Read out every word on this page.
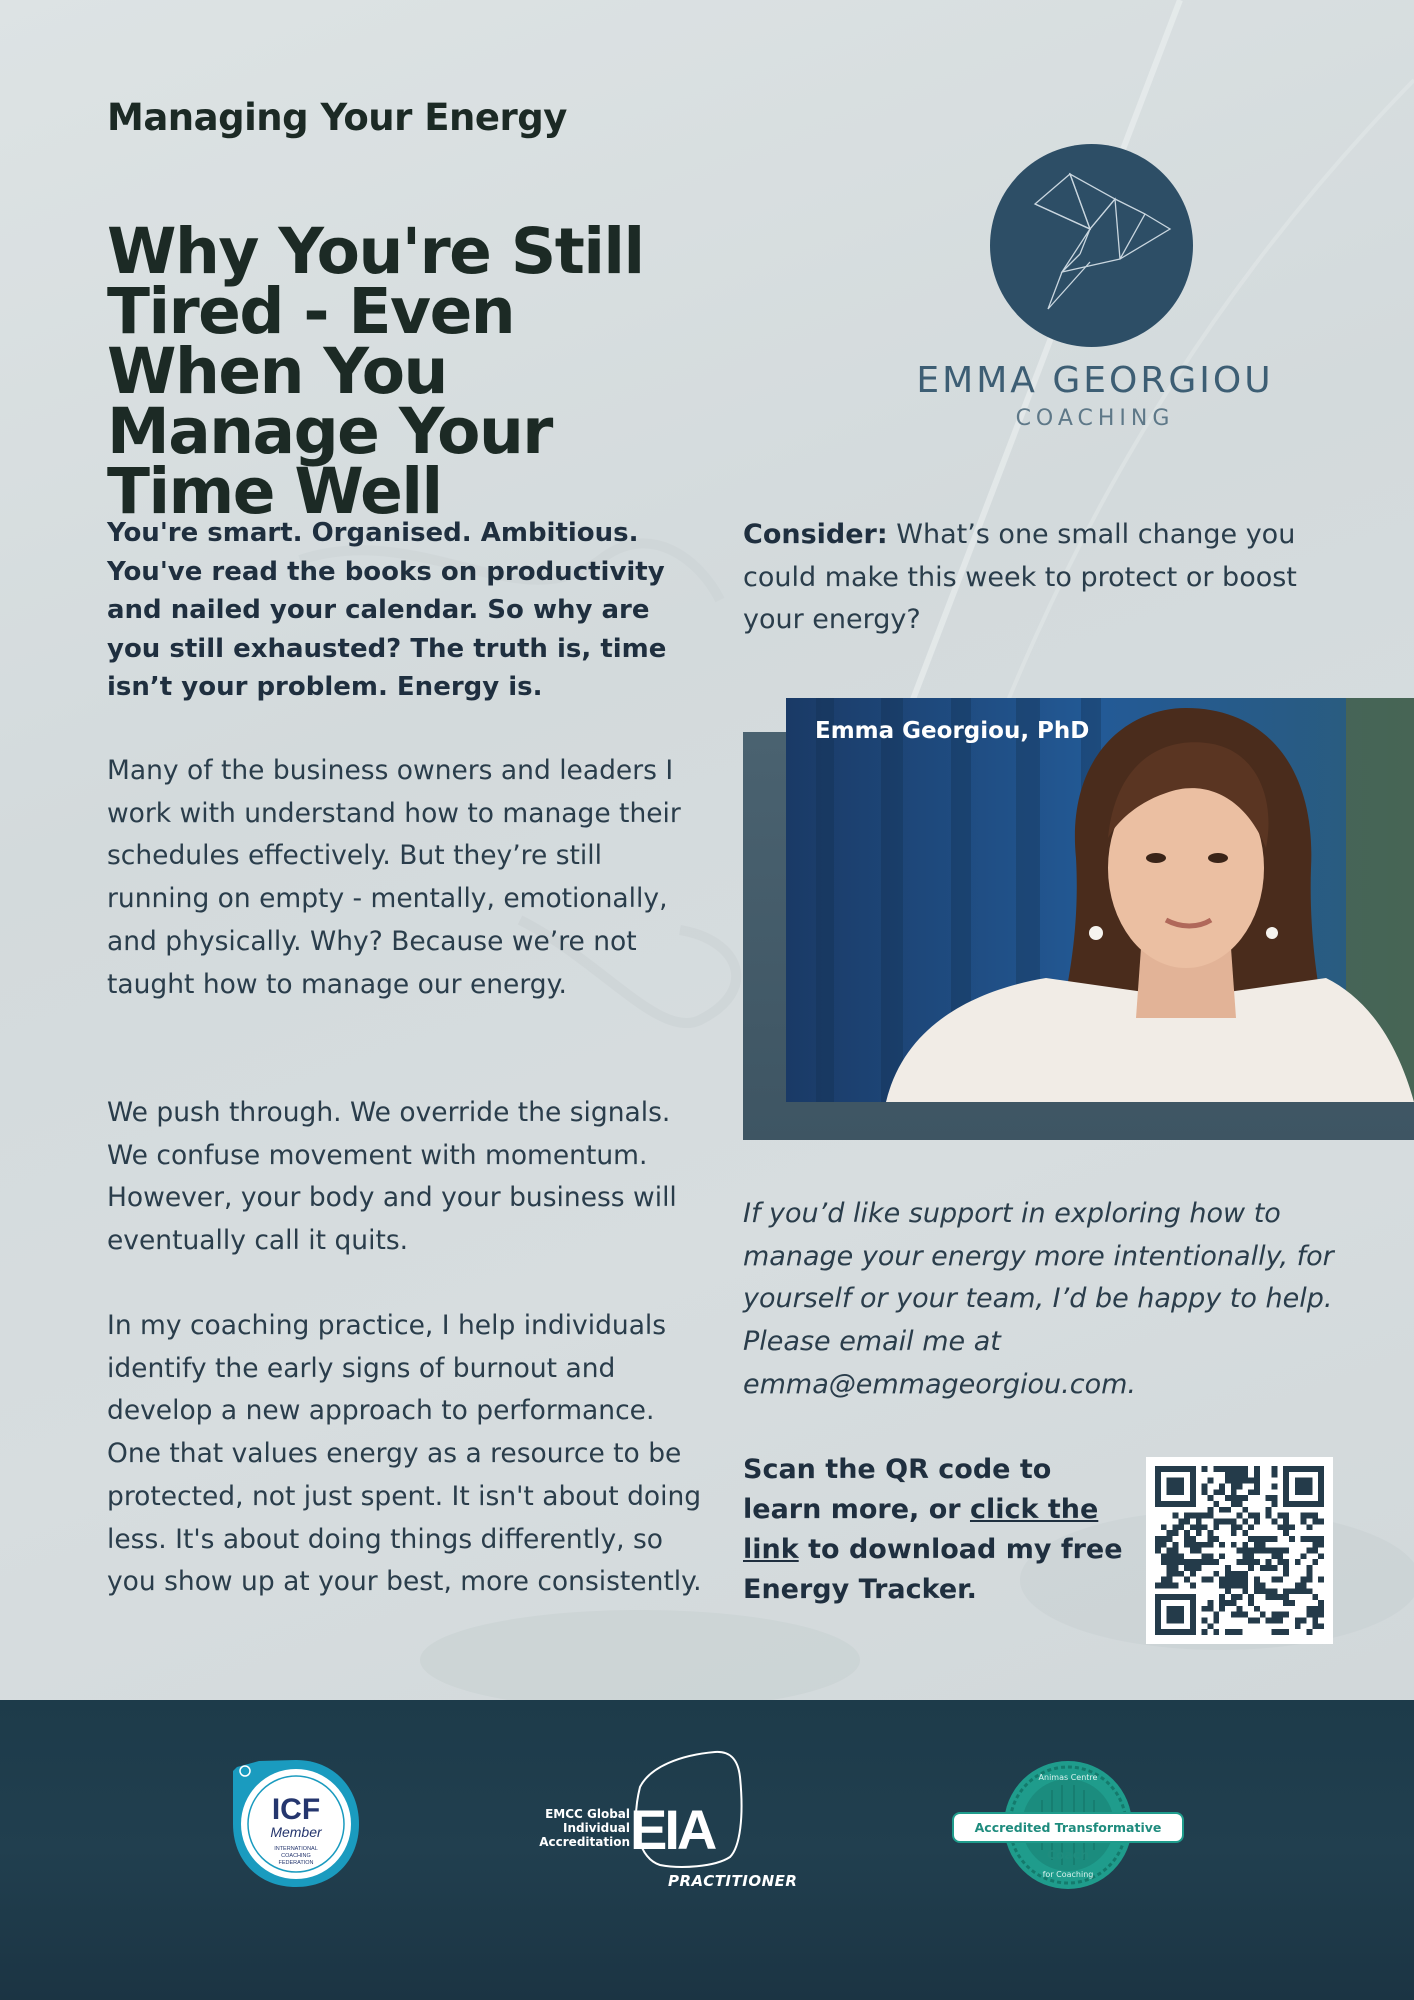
Managing Your Energy
Why You're Still Tired - Even When You Manage Your Time Well
EMMA GEORGIOU
COACHING
You're smart. Organised. Ambitious. You've read the books on productivity and nailed your calendar. So why are you still exhausted? The truth is, time isn’t your problem. Energy is.
Many of the business owners and leaders I work with understand how to manage their schedules effectively. But they’re still running on empty - mentally, emotionally, and physically. Why? Because we’re not taught how to manage our energy.
We push through. We override the signals. We confuse movement with momentum. However, your body and your business will eventually call it quits.
In my coaching practice, I help individuals identify the early signs of burnout and develop a new approach to performance. One that values energy as a resource to be protected, not just spent. It isn't about doing less. It's about doing things differently, so you show up at your best, more consistently.
Consider: What’s one small change you could make this week to protect or boost your energy?
Emma Georgiou, PhD
If you’d like support in exploring how to manage your energy more intentionally, for yourself or your team, I’d be happy to help. Please email me at emma@emmageorgiou.com.
Scan the QR code to learn more, or click the link to download my free Energy Tracker.
ICF
Member
INTERNATIONAL
COACHING
FEDERATION
EMCC Global
Individual
Accreditation EIA
PRACTITIONER
Animas Centre
for Coaching
Accredited Transformative Coach
